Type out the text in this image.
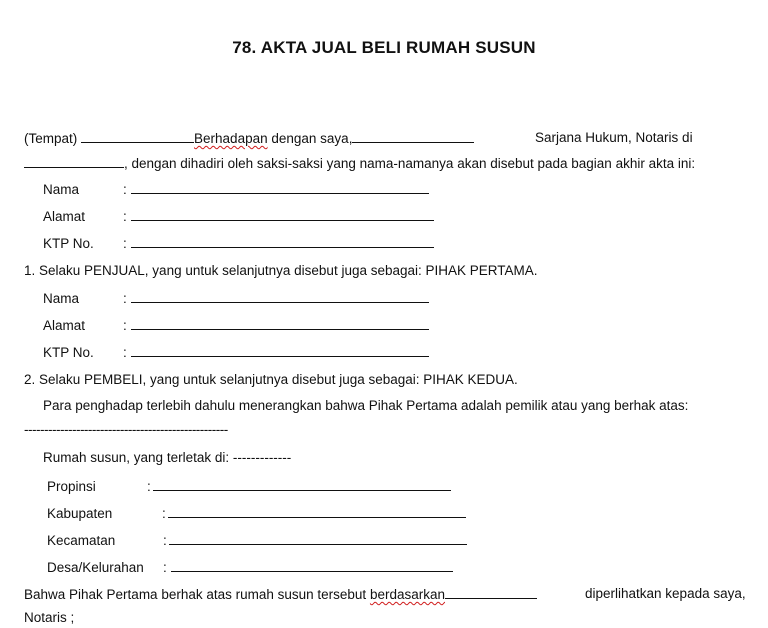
78. AKTA JUAL BELI RUMAH SUSUN
(Tempat)	Berhadapan dengan saya,	Sarjana Hukum, Notaris di
, dengan dihadiri oleh saksi-saksi yang nama-namanya akan disebut pada bagian akhir akta ini:
Nama	:
Alamat	:
KTP No. :
1. Selaku PENJUAL, yang untuk selanjutnya disebut juga sebagai: PIHAK PERTAMA.
Nama	:
Alamat	:
KTP No. :
2. Selaku PEMBELI, yang untuk selanjutnya disebut juga sebagai: PIHAK KEDUA.
Para penghadap terlebih dahulu menerangkan bahwa Pihak Pertama adalah pemilik atau yang berhak atas:
---------------------------------------------------
Rumah susun, yang terletak di: -------------
Propinsi	:
Kabupaten	:
Kecamatan	:
Desa/Kelurahan :
Bahwa Pihak Pertama berhak atas rumah susun tersebut berdasarkan	diperlihatkan kepada saya,
Notaris ;
